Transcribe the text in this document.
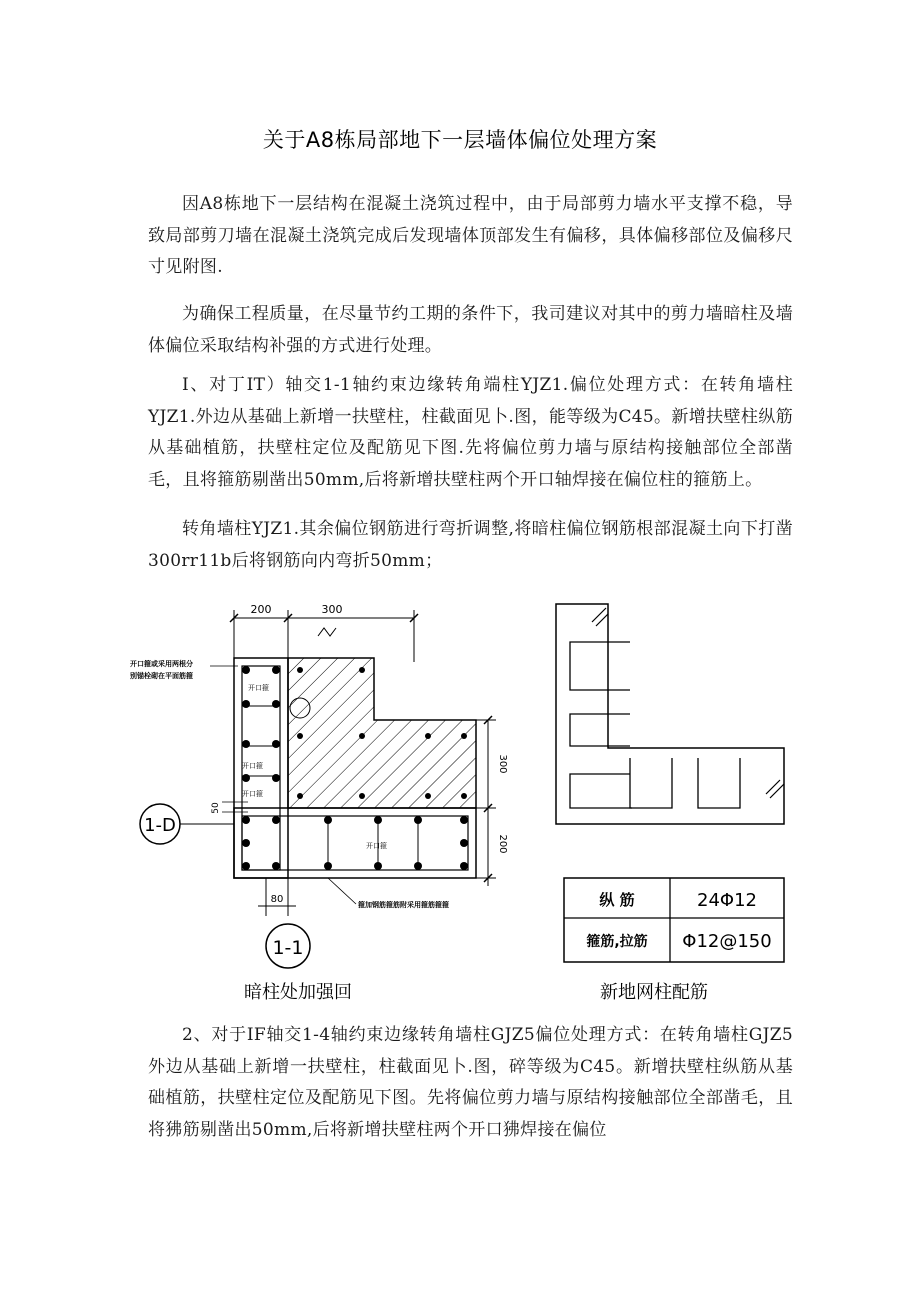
关于A8栋局部地下一层墙体偏位处理方案

因A8栋地下一层结构在混凝土浇筑过程中，由于局部剪力墙水平支撑不稳，导致局部剪刀墙在混凝土浇筑完成后发现墙体顶部发生有偏移，具体偏移部位及偏移尺寸见附图.

为确保工程质量，在尽量节约工期的条件下，我司建议对其中的剪力墙暗柱及墙体偏位采取结构补强的方式进行处理。

I、对丁IT）轴交1-1轴约束边缘转角端柱YJZ1.偏位处理方式：在转角墙柱YJZ1.外边从基础上新增一扶壁柱，柱截面见卜.图，能等级为C45。新增扶壁柱纵筋从基础植筋，扶壁柱定位及配筋见下图.先将偏位剪力墙与原结构接触部位全部凿毛，且将箍筋剔凿出50mm,后将新增扶壁柱两个开口轴焊接在偏位柱的箍筋上。

转角墙柱YJZ1.其余偏位钢筋进行弯折调整,将暗柱偏位钢筋根部混凝土向下打凿300rr11b后将钢筋向内弯折50mm；

200	300
开口箍
开口箍
开口箍
开口箍
开口箍或采用两根分
别锚栓砌在平面筋箍
300
200
1-D
50
80
1-1
箍加钢筋箍筋附采用箍筋箍箍
暗柱处加强回
纵 筋	24Φ12
箍筋,拉筋 Φ12@150
新地网柱配筋

2、对于IF轴交1-4轴约束边缘转角墙柱GJZ5偏位处理方式：在转角墙柱GJZ5外边从基础上新增一扶壁柱，柱截面见卜.图，碎等级为C45。新增扶壁柱纵筋从基础植筋，扶壁柱定位及配筋见下图。先将偏位剪力墙与原结构接触部位全部凿毛，且将狒筋剔凿出50mm,后将新增扶壁柱两个开口狒焊接在偏位
